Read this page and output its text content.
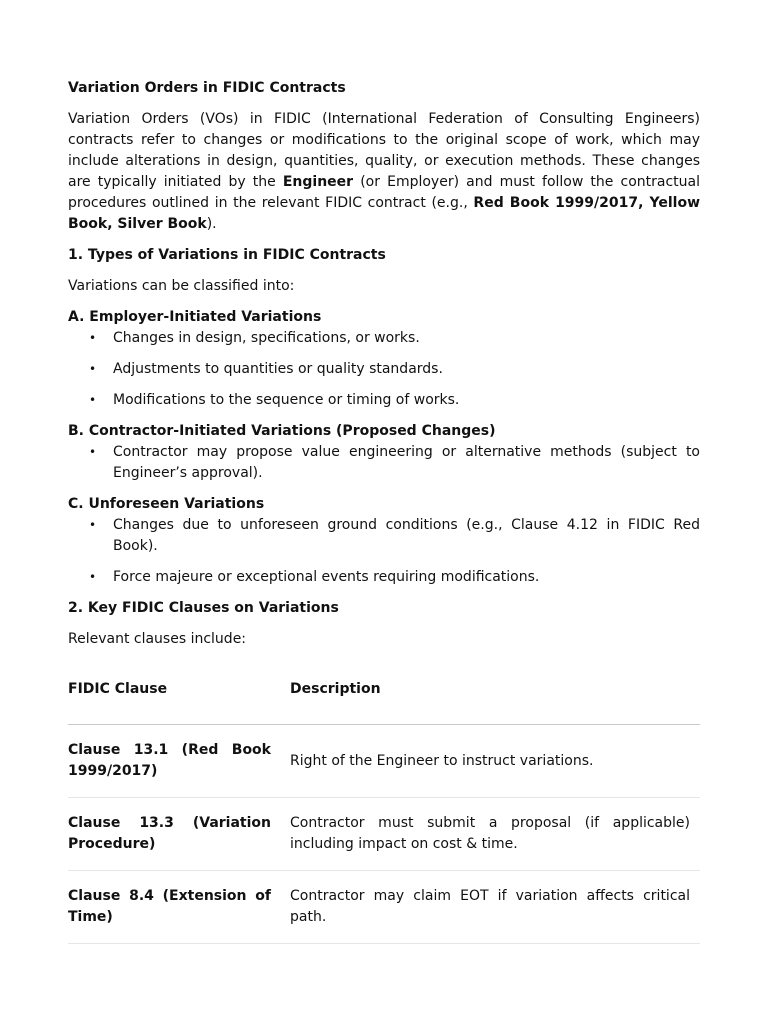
Variation Orders in FIDIC Contracts

Variation Orders (VOs) in FIDIC (International Federation of Consulting Engineers) contracts refer to changes or modifications to the original scope of work, which may include alterations in design, quantities, quality, or execution methods. These changes are typically initiated by the Engineer (or Employer) and must follow the contractual procedures outlined in the relevant FIDIC contract (e.g., Red Book 1999/2017, Yellow Book, Silver Book).

1. Types of Variations in FIDIC Contracts

Variations can be classified into:

A. Employer-Initiated Variations

• Changes in design, specifications, or works.
• Adjustments to quantities or quality standards.
• Modifications to the sequence or timing of works.

B. Contractor-Initiated Variations (Proposed Changes)

• Contractor may propose value engineering or alternative methods (subject to Engineer’s approval).

C. Unforeseen Variations

• Changes due to unforeseen ground conditions (e.g., Clause 4.12 in FIDIC Red Book).
• Force majeure or exceptional events requiring modifications.

2. Key FIDIC Clauses on Variations

Relevant clauses include:

FIDIC Clause	Description
Clause 13.1 (Red Book 1999/2017)	Right of the Engineer to instruct variations.
Clause 13.3 (Variation Procedure)	Contractor must submit a proposal (if applicable) including impact on cost & time.
Clause 8.4 (Extension of Time)	Contractor may claim EOT if variation affects critical path.
